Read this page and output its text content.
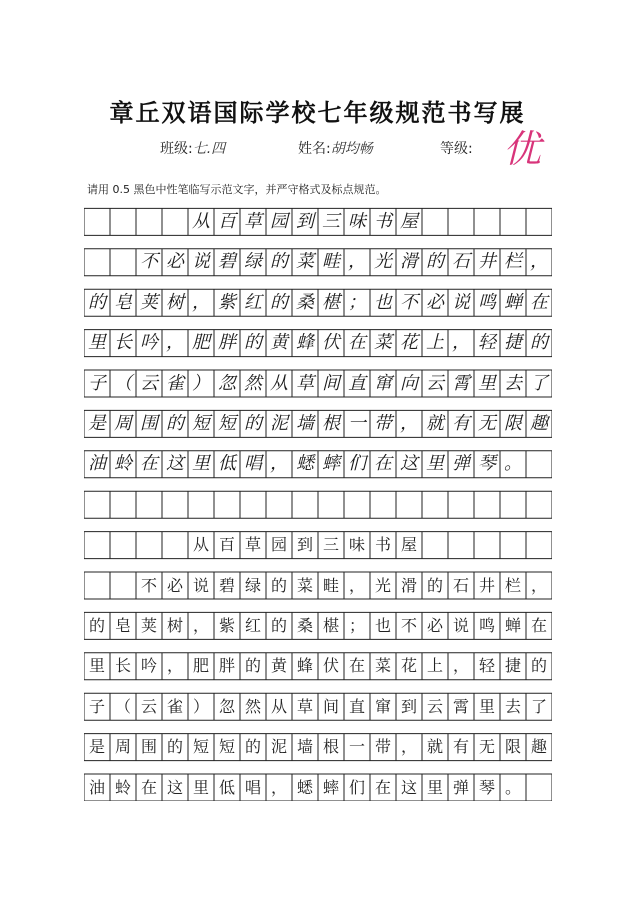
章丘双语国际学校七年级规范书写展
班级:七.四	姓名:胡均畅	等级: 优
请用 0.5 黑色中性笔临写示范文字，并严守格式及标点规范。
从 百 草 园 到 三 味 书 屋
不 必 说 碧 绿 的 菜 畦 ， 光 滑 的 石 井 栏 ，
的 皂 荚 树 ， 紫 红 的 桑 椹 ； 也 不 必 说 鸣 蝉 在
里 长 吟 ， 肥 胖 的 黄 蜂 伏 在 菜 花 上 ， 轻 捷 的
子 （ 云 雀 ） 忽 然 从 草 间 直 窜 向 云 霄 里 去 了
是 周 围 的 短 短 的 泥 墙 根 一 带 ， 就 有 无 限 趣
油 蛉 在 这 里 低 唱 ， 蟋 蟀 们 在 这 里 弹 琴 。
从 百 草 园 到 三 味 书 屋
不 必 说 碧 绿 的 菜 畦 ， 光 滑 的 石 井 栏 ，
的 皂 荚 树 ， 紫 红 的 桑 椹 ； 也 不 必 说 鸣 蝉 在
里 长 吟 ， 肥 胖 的 黄 蜂 伏 在 菜 花 上 ， 轻 捷 的
子 （ 云 雀 ） 忽 然 从 草 间 直 窜 到 云 霄 里 去 了
是 周 围 的 短 短 的 泥 墙 根 一 带 ， 就 有 无 限 趣
油 蛉 在 这 里 低 唱 ， 蟋 蟀 们 在 这 里 弹 琴 。
